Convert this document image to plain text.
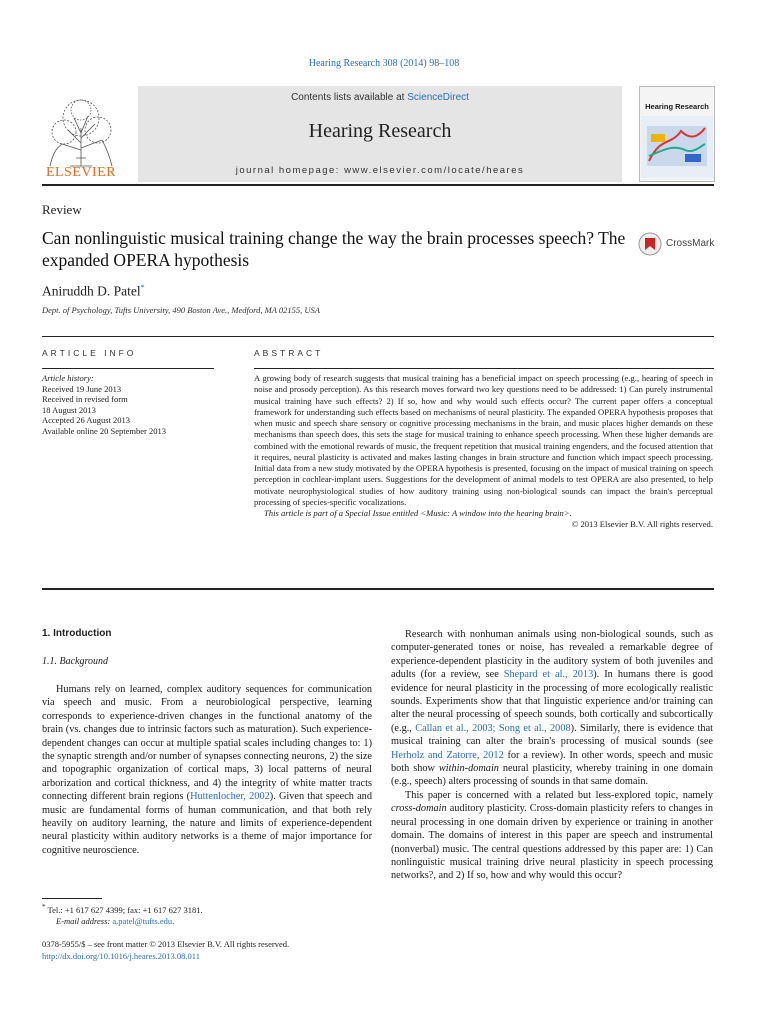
Hearing Research 308 (2014) 98–108
ELSEVIER
Contents lists available at ScienceDirect
Hearing Research
journal homepage: www.elsevier.com/locate/heares
Hearing Research
Review
Can nonlinguistic musical training change the way the brain processes speech? The expanded OPERA hypothesis
CrossMark
Aniruddh D. Patel*
Dept. of Psychology, Tufts University, 490 Boston Ave., Medford, MA 02155, USA
ARTICLE INFO
Article history:
Received 19 June 2013
Received in revised form
18 August 2013
Accepted 26 August 2013
Available online 20 September 2013
ABSTRACT
A growing body of research suggests that musical training has a beneficial impact on speech processing (e.g., hearing of speech in noise and prosody perception). As this research moves forward two key questions need to be addressed: 1) Can purely instrumental musical training have such effects? 2) If so, how and why would such effects occur? The current paper offers a conceptual framework for understanding such effects based on mechanisms of neural plasticity. The expanded OPERA hypothesis proposes that when music and speech share sensory or cognitive processing mechanisms in the brain, and music places higher demands on these mechanisms than speech does, this sets the stage for musical training to enhance speech processing. When these higher demands are combined with the emotional rewards of music, the frequent repetition that musical training engenders, and the focused attention that it requires, neural plasticity is activated and makes lasting changes in brain structure and function which impact speech processing. Initial data from a new study motivated by the OPERA hypothesis is presented, focusing on the impact of musical training on speech perception in cochlear-implant users. Suggestions for the development of animal models to test OPERA are also presented, to help motivate neurophysiological studies of how auditory training using non-biological sounds can impact the brain's perceptual processing of species-specific vocalizations.
This article is part of a Special Issue entitled <Music: A window into the hearing brain>.
© 2013 Elsevier B.V. All rights reserved.
1. Introduction
1.1. Background

Humans rely on learned, complex auditory sequences for communication via speech and music. From a neurobiological perspective, learning corresponds to experience-driven changes in the functional anatomy of the brain (vs. changes due to intrinsic factors such as maturation). Such experience-dependent changes can occur at multiple spatial scales including changes to: 1) the synaptic strength and/or number of synapses connecting neurons, 2) the size and topographic organization of cortical maps, 3) local patterns of neural arborization and cortical thickness, and 4) the integrity of white matter tracts connecting different brain regions (Huttenlocher, 2002). Given that speech and music are fundamental forms of human communication, and that both rely heavily on auditory learning, the nature and limits of experience-dependent neural plasticity within auditory networks is a theme of major importance for cognitive neuroscience.

Research with nonhuman animals using non-biological sounds, such as computer-generated tones or noise, has revealed a remarkable degree of experience-dependent plasticity in the auditory system of both juveniles and adults (for a review, see Shepard et al., 2013). In humans there is good evidence for neural plasticity in the processing of more ecologically realistic sounds. Experiments show that that linguistic experience and/or training can alter the neural processing of speech sounds, both cortically and subcortically (e.g., Callan et al., 2003; Song et al., 2008). Similarly, there is evidence that musical training can alter the brain's processing of musical sounds (see Herholz and Zatorre, 2012 for a review). In other words, speech and music both show within-domain neural plasticity, whereby training in one domain (e.g., speech) alters processing of sounds in that same domain.

This paper is concerned with a related but less-explored topic, namely cross-domain auditory plasticity. Cross-domain plasticity refers to changes in neural processing in one domain driven by experience or training in another domain. The domains of interest in this paper are speech and instrumental (nonverbal) music. The central questions addressed by this paper are: 1) Can nonlinguistic musical training drive neural plasticity in speech processing networks?, and 2) If so, how and why would this occur?

* Tel.: +1 617 627 4399; fax: +1 617 627 3181.
E-mail address: a.patel@tufts.edu.
0378-5955/$ – see front matter © 2013 Elsevier B.V. All rights reserved.
http://dx.doi.org/10.1016/j.heares.2013.08.011
